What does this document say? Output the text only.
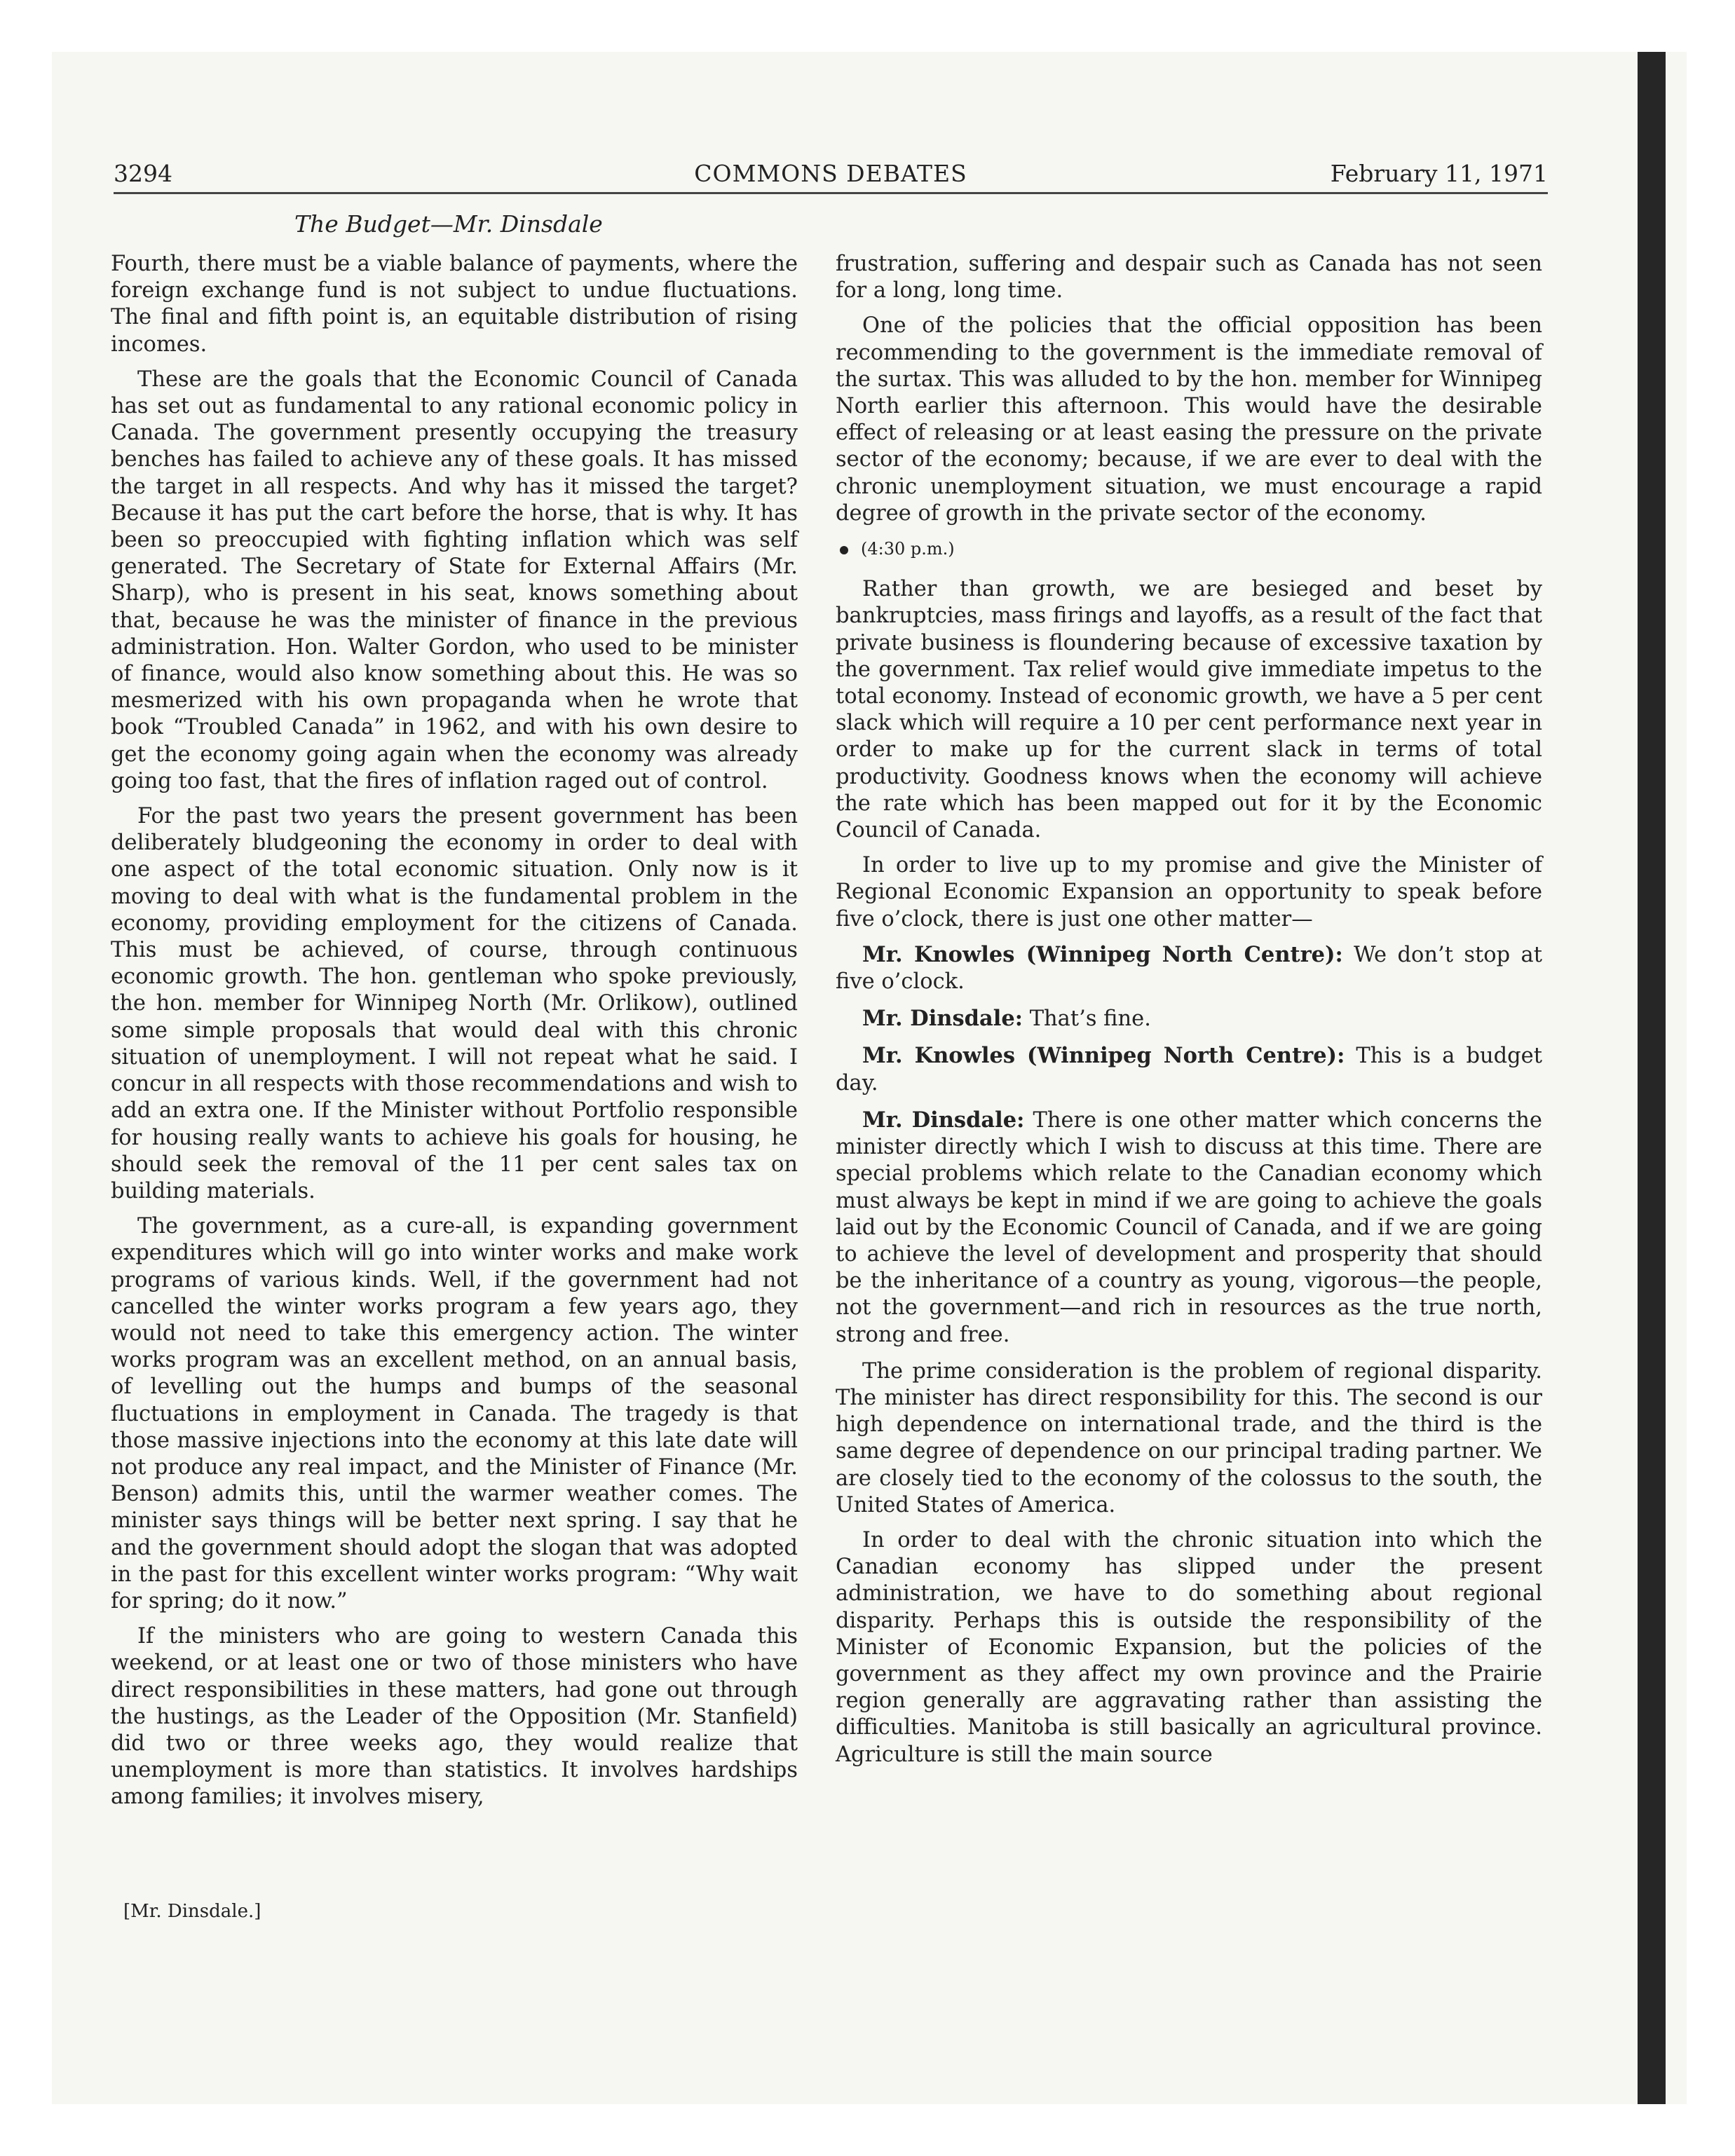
3294	COMMONS DEBATES	February 11, 1971
The Budget—Mr. Dinsdale

Fourth, there must be a viable balance of payments, where the foreign exchange fund is not subject to undue fluctuations. The final and fifth point is, an equitable distribution of rising incomes.

These are the goals that the Economic Council of Canada has set out as fundamental to any rational economic policy in Canada. The government presently occupying the treasury benches has failed to achieve any of these goals. It has missed the target in all respects. And why has it missed the target? Because it has put the cart before the horse, that is why. It has been so preoccupied with fighting inflation which was self generated. The Secretary of State for External Affairs (Mr. Sharp), who is present in his seat, knows something about that, because he was the minister of finance in the previous administration. Hon. Walter Gordon, who used to be minister of finance, would also know something about this. He was so mesmerized with his own propaganda when he wrote that book “Troubled Canada” in 1962, and with his own desire to get the economy going again when the economy was already going too fast, that the fires of inflation raged out of control.

For the past two years the present government has been deliberately bludgeoning the economy in order to deal with one aspect of the total economic situation. Only now is it moving to deal with what is the fundamental problem in the economy, providing employment for the citizens of Canada. This must be achieved, of course, through continuous economic growth. The hon. gentleman who spoke previously, the hon. member for Winnipeg North (Mr. Orlikow), outlined some simple proposals that would deal with this chronic situation of unemployment. I will not repeat what he said. I concur in all respects with those recommendations and wish to add an extra one. If the Minister without Portfolio responsible for housing really wants to achieve his goals for housing, he should seek the removal of the 11 per cent sales tax on building materials.

The government, as a cure-all, is expanding government expenditures which will go into winter works and make work programs of various kinds. Well, if the government had not cancelled the winter works program a few years ago, they would not need to take this emergency action. The winter works program was an excellent method, on an annual basis, of levelling out the humps and bumps of the seasonal fluctuations in employment in Canada. The tragedy is that those massive injections into the economy at this late date will not produce any real impact, and the Minister of Finance (Mr. Benson) admits this, until the warmer weather comes. The minister says things will be better next spring. I say that he and the government should adopt the slogan that was adopted in the past for this excellent winter works program: “Why wait for spring; do it now.”

If the ministers who are going to western Canada this weekend, or at least one or two of those ministers who have direct responsibilities in these matters, had gone out through the hustings, as the Leader of the Opposition (Mr. Stanfield) did two or three weeks ago, they would realize that unemployment is more than statistics. It involves hardships among families; it involves misery,

[Mr. Dinsdale.]

frustration, suffering and despair such as Canada has not seen for a long, long time.

One of the policies that the official opposition has been recommending to the government is the immediate removal of the surtax. This was alluded to by the hon. member for Winnipeg North earlier this afternoon. This would have the desirable effect of releasing or at least easing the pressure on the private sector of the economy; because, if we are ever to deal with the chronic unemployment situation, we must encourage a rapid degree of growth in the private sector of the economy.

(4:30 p.m.)

Rather than growth, we are besieged and beset by bankruptcies, mass firings and layoffs, as a result of the fact that private business is floundering because of excessive taxation by the government. Tax relief would give immediate impetus to the total economy. Instead of economic growth, we have a 5 per cent slack which will require a 10 per cent performance next year in order to make up for the current slack in terms of total productivity. Goodness knows when the economy will achieve the rate which has been mapped out for it by the Economic Council of Canada.

In order to live up to my promise and give the Minister of Regional Economic Expansion an opportunity to speak before five o’clock, there is just one other matter—

Mr. Knowles (Winnipeg North Centre): We don’t stop at five o’clock.

Mr. Dinsdale: That’s fine.

Mr. Knowles (Winnipeg North Centre): This is a budget day.

Mr. Dinsdale: There is one other matter which concerns the minister directly which I wish to discuss at this time. There are special problems which relate to the Canadian economy which must always be kept in mind if we are going to achieve the goals laid out by the Economic Council of Canada, and if we are going to achieve the level of development and prosperity that should be the inheritance of a country as young, vigorous—the people, not the government—and rich in resources as the true north, strong and free.

The prime consideration is the problem of regional disparity. The minister has direct responsibility for this. The second is our high dependence on international trade, and the third is the same degree of dependence on our principal trading partner. We are closely tied to the economy of the colossus to the south, the United States of America.

In order to deal with the chronic situation into which the Canadian economy has slipped under the present administration, we have to do something about regional disparity. Perhaps this is outside the responsibility of the Minister of Economic Expansion, but the policies of the government as they affect my own province and the Prairie region generally are aggravating rather than assisting the difficulties. Manitoba is still basically an agricultural province. Agriculture is still the main source
